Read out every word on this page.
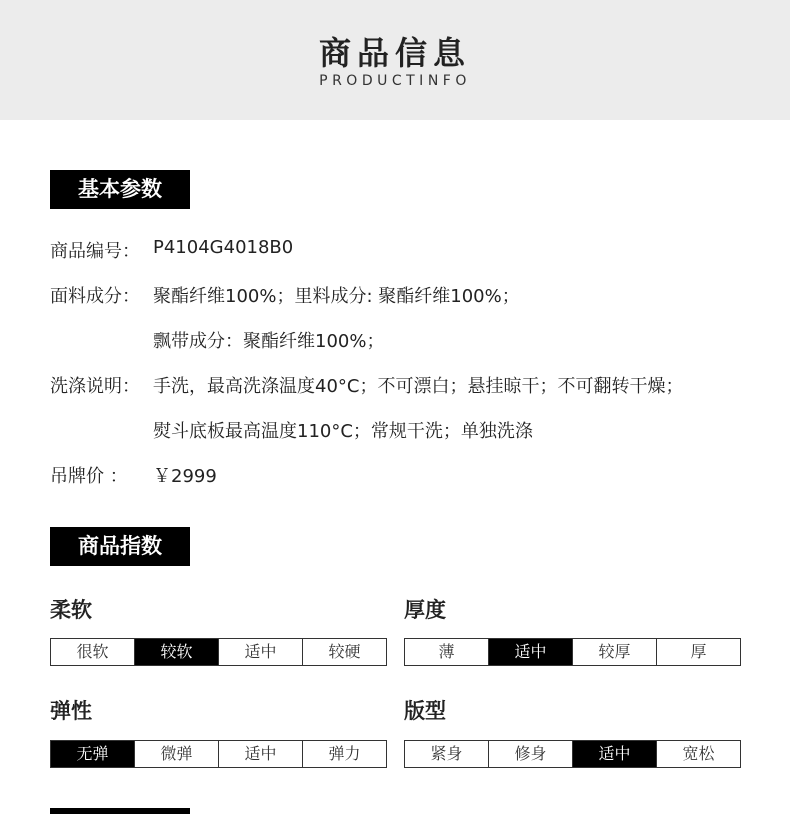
商品信息
PRODUCTINFO
基本参数
商品编号： P4104G4018B0
面料成分： 聚酯纤维100%；里料成分: 聚酯纤维100%；
飘带成分：聚酯纤维100%；
洗涤说明： 手洗，最高洗涤温度40°C；不可漂白；悬挂晾干；不可翻转干燥；
熨斗底板最高温度110°C；常规干洗；单独洗涤
吊牌价 ： ￥2999
商品指数
柔软
很软	较软	适中	较硬
厚度
薄	适中	较厚	厚
弹性
无弹	微弹	适中	弹力
版型
紧身	修身	适中	宽松
